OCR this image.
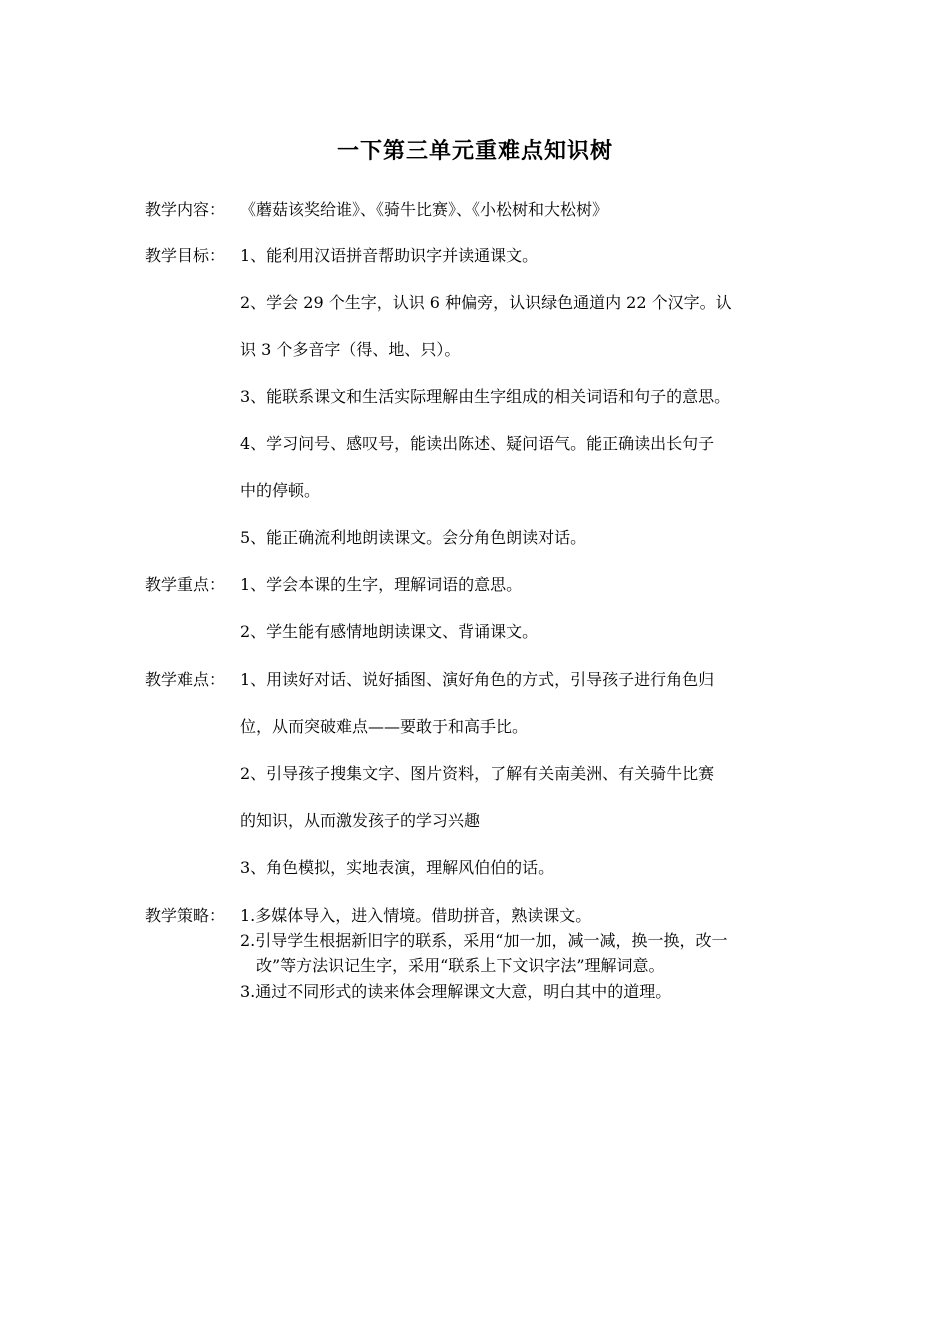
一下第三单元重难点知识树
教学内容： 《蘑菇该奖给谁》、《骑牛比赛》、《小松树和大松树》
教学目标： 1、能利用汉语拼音帮助识字并读通课文。
2、学会 29 个生字，认识 6 种偏旁，认识绿色通道内 22 个汉字。认
识 3 个多音字（得、地、只）。
3、能联系课文和生活实际理解由生字组成的相关词语和句子的意思。
4、学习问号、感叹号，能读出陈述、疑问语气。能正确读出长句子
中的停顿。
5、能正确流利地朗读课文。会分角色朗读对话。
教学重点： 1、学会本课的生字，理解词语的意思。
2、学生能有感情地朗读课文、背诵课文。
教学难点： 1、用读好对话、说好插图、演好角色的方式，引导孩子进行角色归
位，从而突破难点——要敢于和高手比。
2、引导孩子搜集文字、图片资料，了解有关南美洲、有关骑牛比赛
的知识，从而激发孩子的学习兴趣
3、角色模拟，实地表演，理解风伯伯的话。
教学策略： 1.多媒体导入，进入情境。借助拼音，熟读课文。
2.引导学生根据新旧字的联系，采用“加一加，减一减，换一换，改一
改”等方法识记生字，采用“联系上下文识字法”理解词意。
3.通过不同形式的读来体会理解课文大意，明白其中的道理。
